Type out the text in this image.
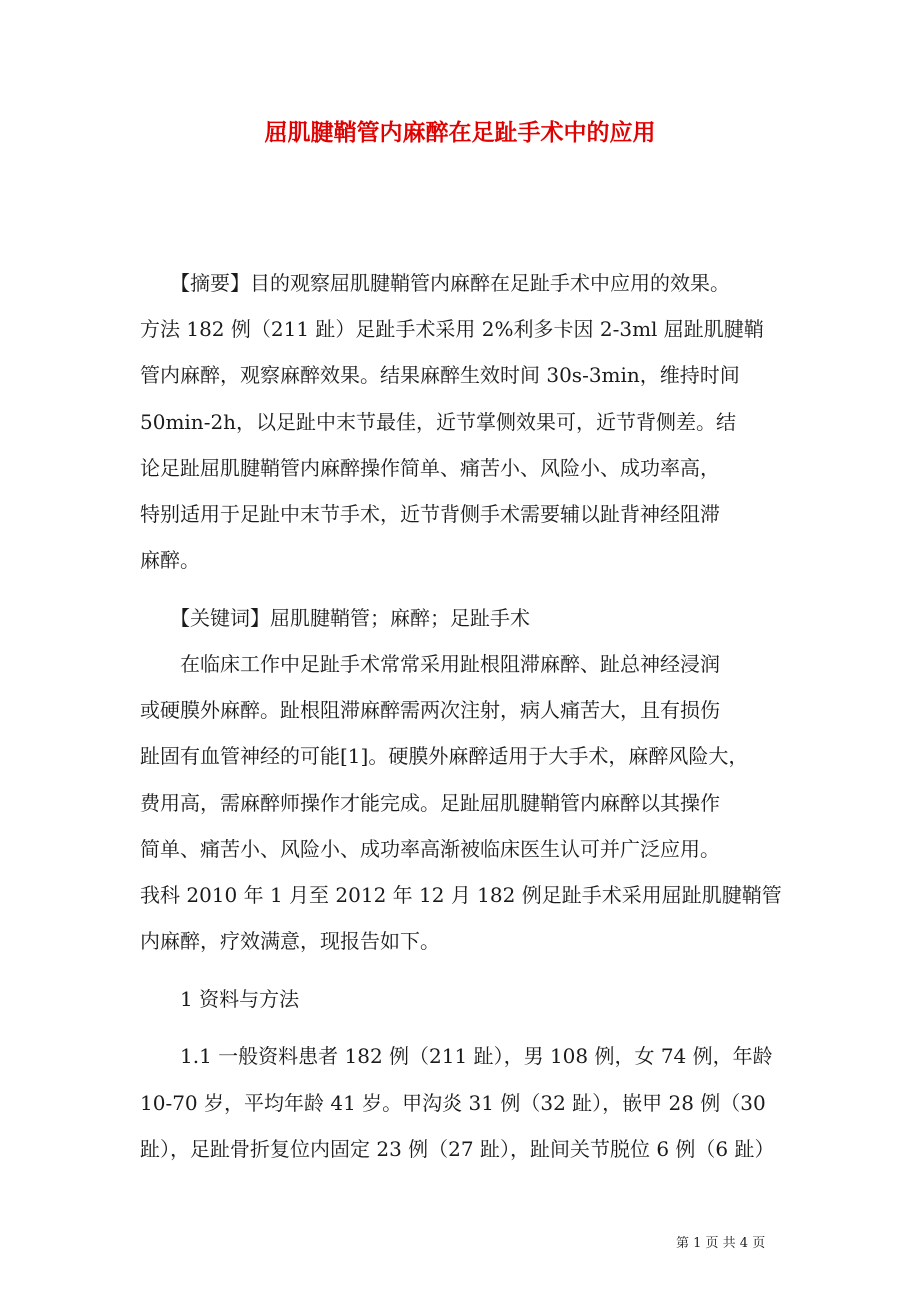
屈肌腱鞘管内麻醉在足趾手术中的应用
　　【摘要】目的观察屈肌腱鞘管内麻醉在足趾手术中应用的效果。
方法 182 例（211 趾）足趾手术采用 2%利多卡因 2-3ml 屈趾肌腱鞘
管内麻醉，观察麻醉效果。结果麻醉生效时间 30s-3min，维持时间
50min-2h，以足趾中末节最佳，近节掌侧效果可，近节背侧差。结
论足趾屈肌腱鞘管内麻醉操作简单、痛苦小、风险小、成功率高，
特别适用于足趾中末节手术，近节背侧手术需要辅以趾背神经阻滞
麻醉。
　　【关键词】屈肌腱鞘管；麻醉；足趾手术
　　在临床工作中足趾手术常常采用趾根阻滞麻醉、趾总神经浸润
或硬膜外麻醉。趾根阻滞麻醉需两次注射，病人痛苦大，且有损伤
趾固有血管神经的可能[1]。硬膜外麻醉适用于大手术，麻醉风险大，
费用高，需麻醉师操作才能完成。足趾屈肌腱鞘管内麻醉以其操作
简单、痛苦小、风险小、成功率高渐被临床医生认可并广泛应用。
我科 2010 年 1 月至 2012 年 12 月 182 例足趾手术采用屈趾肌腱鞘管
内麻醉，疗效满意，现报告如下。
　　1 资料与方法
　　1.1 一般资料患者 182 例（211 趾），男 108 例，女 74 例，年龄
10-70 岁，平均年龄 41 岁。甲沟炎 31 例（32 趾），嵌甲 28 例（30
趾），足趾骨折复位内固定 23 例（27 趾），趾间关节脱位 6 例（6 趾）
第 1 页 共 4 页
